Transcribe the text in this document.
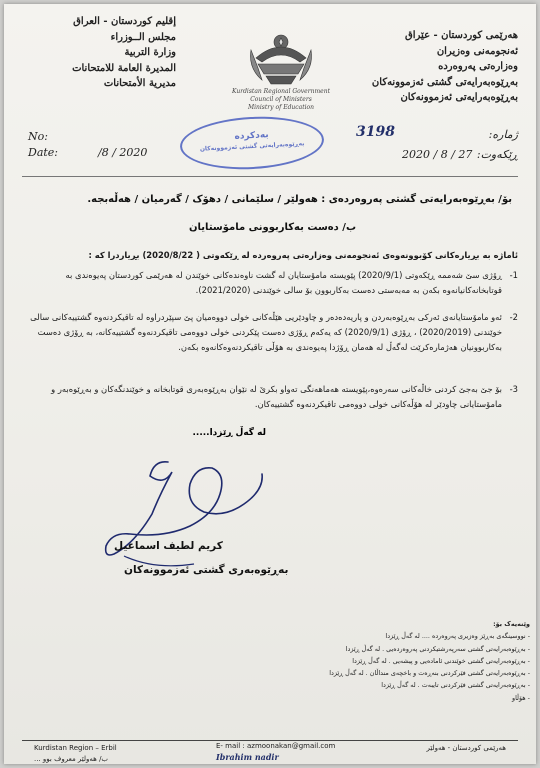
إقليم كوردستان - العراق
مجلس الــوزراء
وزارة التربية
المديرة العامة للامتحانات
مديرية الأمتحانات
Kurdistan Regional Government
Council of Ministers
Ministry of Education
هەرێمی کوردستان - عێراق
ئەنجومەنی وەزیران
وەزارەتی پەروەردە
بەڕێوەبەرایەتی گشتی ئەزموونەکان
بەڕێوەبەرایەتی ئەزموونەکان
بەدکردە
بەڕێوەبەرایەتی گشتی ئەزموونەکان
No:
Date:	/8 / 2020
ژمارە:
3198
ڕێکەوت:
2020 / 8 / 27
بۆ/ بەڕێوەبەرایەتی گشتی پەروەردەی : هەولێر / سلێمانی / دهۆک / گەرمیان / هەڵەبجە.
ب/ دەست بەکاربوونی مامۆستایان
ئاماژە بە بڕیارەکانی کۆبوونەوەی ئەنجومەنی وەزارەتی پەروەردە لە ڕێکەوتی ( 2020/8/22) بڕیاردرا کە :
1-
ڕۆژی سێ شەممە ڕێکەوتی (2020/9/1) پێویستە مامۆستایان لە گشت ناوەندەکانی خوێندن لە هەرێمی کوردستان پەیوەندی بە قوتابخانەکانیانەوە بکەن بە مەبەستی دەست بەکاربوون بۆ سالی خوێندنی (2021/2020).
2-
ئەو مامۆستایانەی ئەرکی بەڕێوەبەردن و پاریەدەدەر و چاودێریی هێڵەکانی خولی دووەمیان پێ سپێردراوە لە تاقیکردنەوە گشتییەکانی سالی خوێندنی (2020/2019) ، ڕۆژی (2020/9/1) کە یەکەم ڕۆژی دەست پێکردنی خولی دووەمی تاقیکردنەوە گشتییەکانە، بە ڕۆژی دەست بەکاربوونیان هەژمارەکرێت لەگەڵ لە هەمان ڕۆژدا پەیوەندی بە هۆڵی تاقیکردنەوەکانەوە بکەن.
3-
بۆ جێ بەجێ کردنی خاڵەکانی سەرەوە،پێویستە هەماهەنگی تەواو بکرێ لە نێوان بەڕێوەبەری قوتابخانە و خوێندنگەکان و بەڕێوەبەر و مامۆستایانی چاودێر لە هۆڵەکانی خولی دووەمی تاقیکردنەوە گشتییەکان.
لە گەڵ ڕێزدا.....
كريم لطيف اسماعيل
بەڕێوەبەری گشتی ئەزموونەکان
وێنەیەک بۆ:
- نووسینگەی بەڕێز وەزیری پەروەردە .... لە گەڵ ڕێزدا
- بەڕێوەبەرایەتی گشتی سەرپەرشتیکردنی پەروەردەیی . لە گەڵ ڕێزدا
- بەڕێوەبەرایەتی گشتی خوێندنی ئامادەیی و پیشەیی . لە گەڵ ڕێزدا
- بەڕێوەبەرایەتی گشتی فێرکردنی بنەڕەت و باخچەی منداڵان . لە گەڵ ڕێزدا
- بەڕێوەبەرایەتی گشتی فێرکردنی تایبەت . لە گەڵ ڕێزدا
- هۆڵاو
Kurdistan Region – Erbil
ب/ هەولێر معروف بوو ...
E- mail : azmoonakan@gmail.com
Ibrahim nadir
هەرێمی کوردستان - هەولێر
